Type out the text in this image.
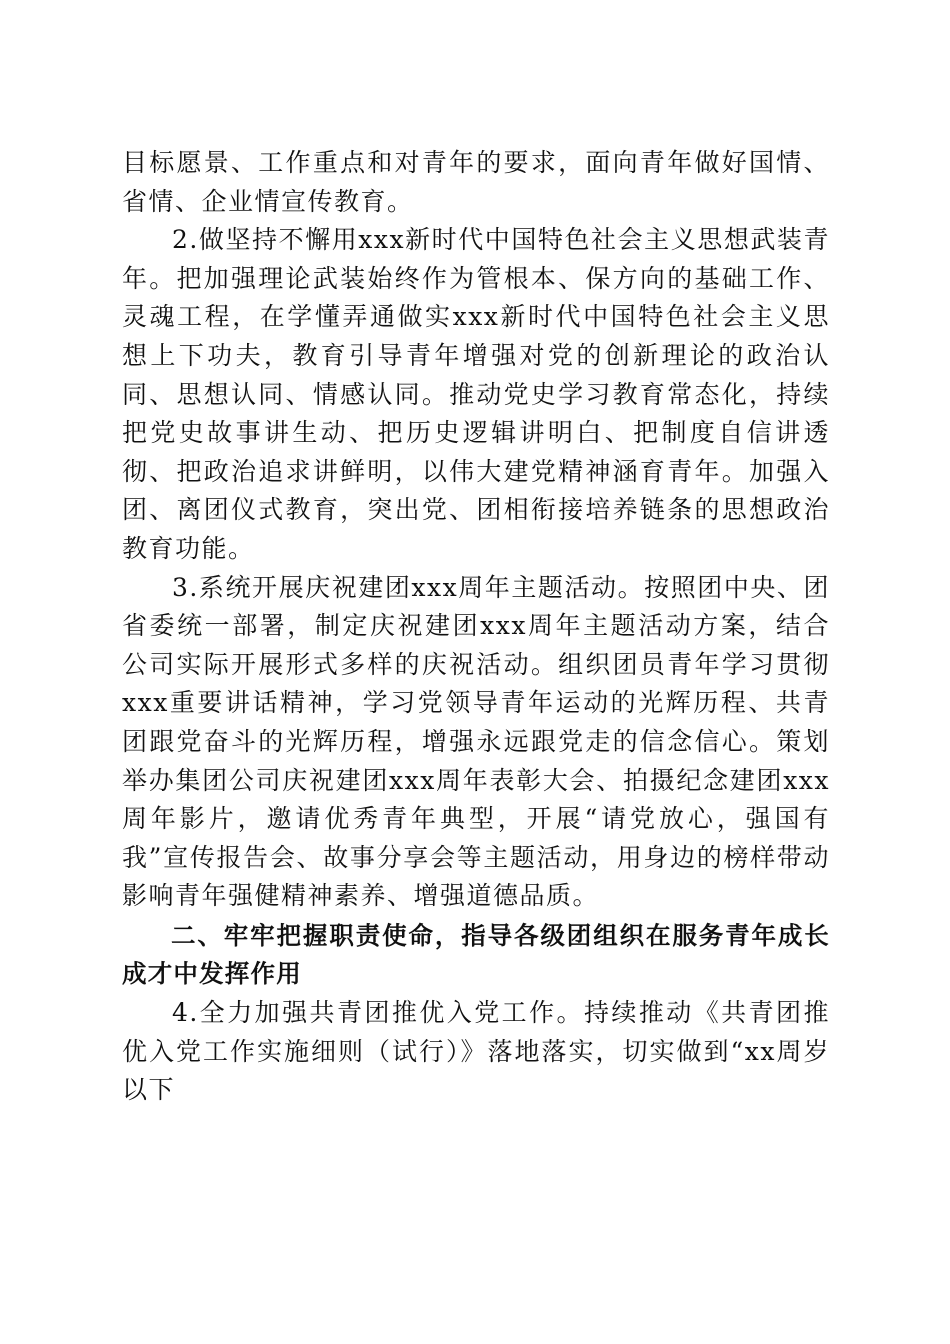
目标愿景、工作重点和对青年的要求，面向青年做好国情、省情、企业情宣传教育。

2.做坚持不懈用xxx新时代中国特色社会主义思想武装青年。把加强理论武装始终作为管根本、保方向的基础工作、灵魂工程，在学懂弄通做实xxx新时代中国特色社会主义思想上下功夫，教育引导青年增强对党的创新理论的政治认同、思想认同、情感认同。推动党史学习教育常态化，持续把党史故事讲生动、把历史逻辑讲明白、把制度自信讲透彻、把政治追求讲鲜明，以伟大建党精神涵育青年。加强入团、离团仪式教育，突出党、团相衔接培养链条的思想政治教育功能。

3.系统开展庆祝建团xxx周年主题活动。按照团中央、团省委统一部署，制定庆祝建团xxx周年主题活动方案，结合公司实际开展形式多样的庆祝活动。组织团员青年学习贯彻xxx重要讲话精神，学习党领导青年运动的光辉历程、共青团跟党奋斗的光辉历程，增强永远跟党走的信念信心。策划举办集团公司庆祝建团xxx周年表彰大会、拍摄纪念建团xxx周年影片，邀请优秀青年典型，开展“请党放心，强国有我”宣传报告会、故事分享会等主题活动，用身边的榜样带动影响青年强健精神素养、增强道德品质。

二、牢牢把握职责使命，指导各级团组织在服务青年成长成才中发挥作用

4.全力加强共青团推优入党工作。持续推动《共青团推优入党工作实施细则（试行）》落地落实，切实做到“xx周岁以下
